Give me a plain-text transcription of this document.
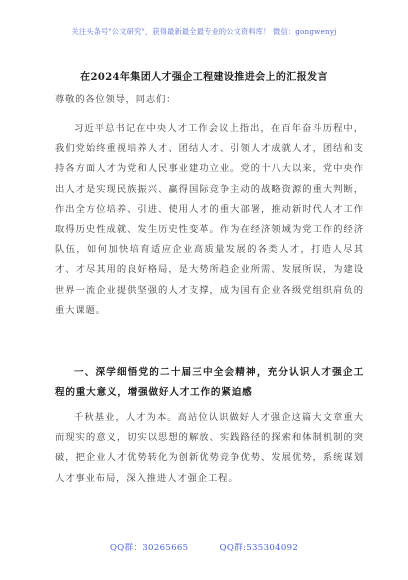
关注头条号"公文研究"，获得最新最全最专业的公文资料库！ 微信：gongwenyj
在2024年集团人才强企工程建设推进会上的汇报发言
尊敬的各位领导，同志们：

习近平总书记在中央人才工作会议上指出，在百年奋斗历程中，我们党始终重视培养人才、团结人才、引领人才成就人才，团结和支持各方面人才为党和人民事业建功立业。党的十八大以来，党中央作出人才是实现民族振兴、赢得国际竞争主动的战略资源的重大判断，作出全方位培养、引进、使用人才的重大部署，推动新时代人才工作取得历史性成就、发生历史性变革。作为在经济领域为党工作的经济队伍，如何加快培育适应企业高质量发展的各类人才，打造人尽其才、才尽其用的良好格局，是大势所趋企业所需、发展所误，为建设世界一流企业提供坚强的人才支撑，成为国有企业各级党组织肩负的重大课题。

一、深学细悟党的二十届三中全会精神，充分认识人才强企工程的重大意义，增强做好人才工作的紧迫感

千秋基业，人才为本。高站位认识做好人才强企这篇大文章重大而现实的意义，切实以思想的解放、实践路径的探索和体制机制的突破，把企业人才优势转化为创新优势竞争优势、发展优势，系统谋划人才事业布局，深入推进人才强企工程。

QQ群：30265665	QQ群:535304092
